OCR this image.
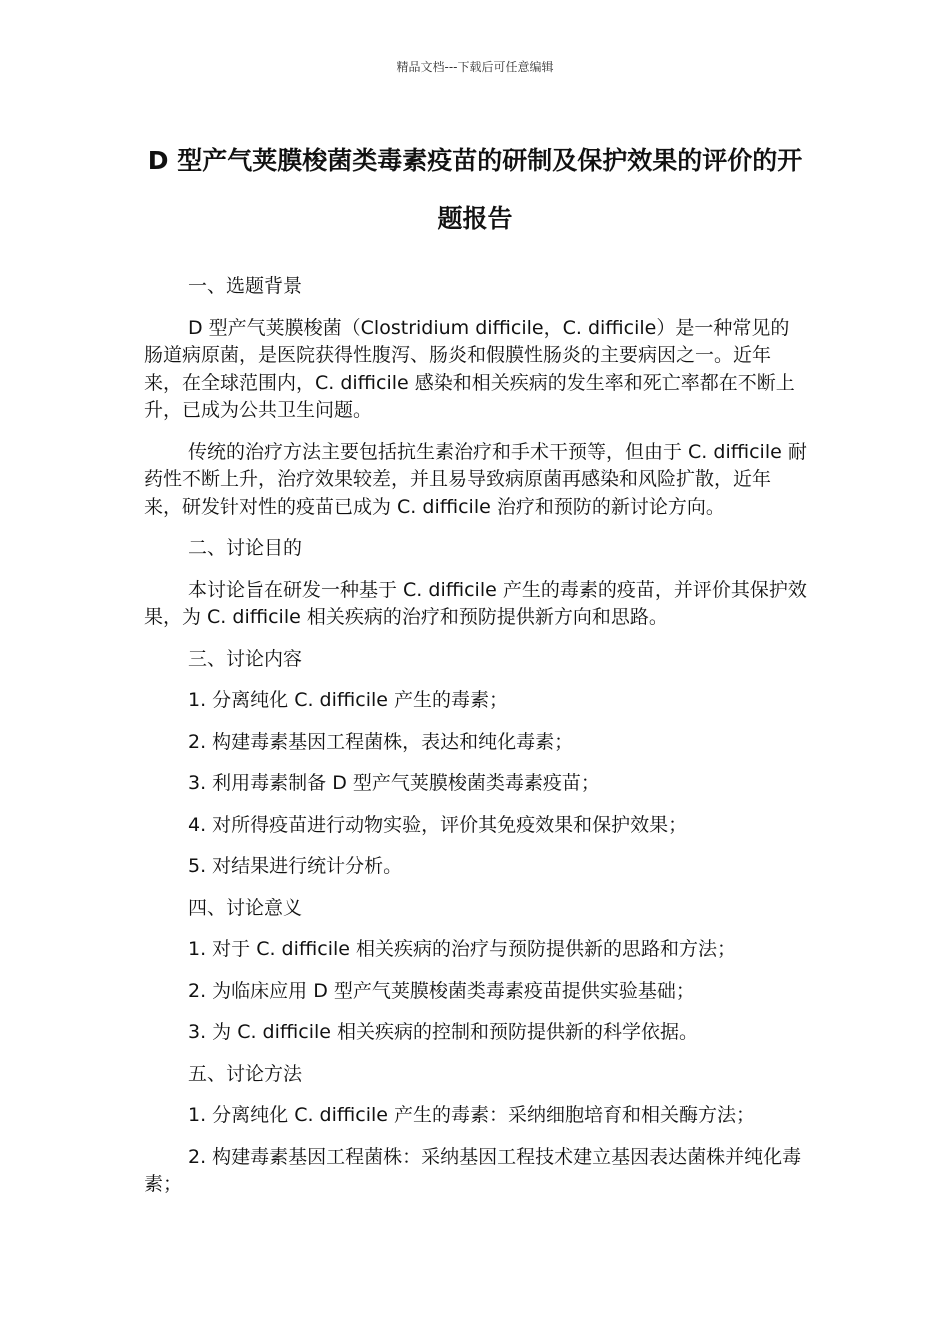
精品文档---下载后可任意编辑
D 型产气荚膜梭菌类毒素疫苗的研制及保护效果的评价的开题报告

一、选题背景

D 型产气荚膜梭菌（Clostridium difficile，C. difficile）是一种常见的肠道病原菌，是医院获得性腹泻、肠炎和假膜性肠炎的主要病因之一。近年来，在全球范围内，C. difficile 感染和相关疾病的发生率和死亡率都在不断上升，已成为公共卫生问题。

传统的治疗方法主要包括抗生素治疗和手术干预等，但由于 C. difficile 耐药性不断上升，治疗效果较差，并且易导致病原菌再感染和风险扩散，近年来，研发针对性的疫苗已成为 C. difficile 治疗和预防的新讨论方向。

二、讨论目的

本讨论旨在研发一种基于 C. difficile 产生的毒素的疫苗，并评价其保护效果，为 C. difficile 相关疾病的治疗和预防提供新方向和思路。

三、讨论内容

1. 分离纯化 C. difficile 产生的毒素；

2. 构建毒素基因工程菌株，表达和纯化毒素；

3. 利用毒素制备 D 型产气荚膜梭菌类毒素疫苗；

4. 对所得疫苗进行动物实验，评价其免疫效果和保护效果；

5. 对结果进行统计分析。

四、讨论意义

1. 对于 C. difficile 相关疾病的治疗与预防提供新的思路和方法；

2. 为临床应用 D 型产气荚膜梭菌类毒素疫苗提供实验基础；

3. 为 C. difficile 相关疾病的控制和预防提供新的科学依据。

五、讨论方法

1. 分离纯化 C. difficile 产生的毒素：采纳细胞培育和相关酶方法；

2. 构建毒素基因工程菌株：采纳基因工程技术建立基因表达菌株并纯化毒素；
